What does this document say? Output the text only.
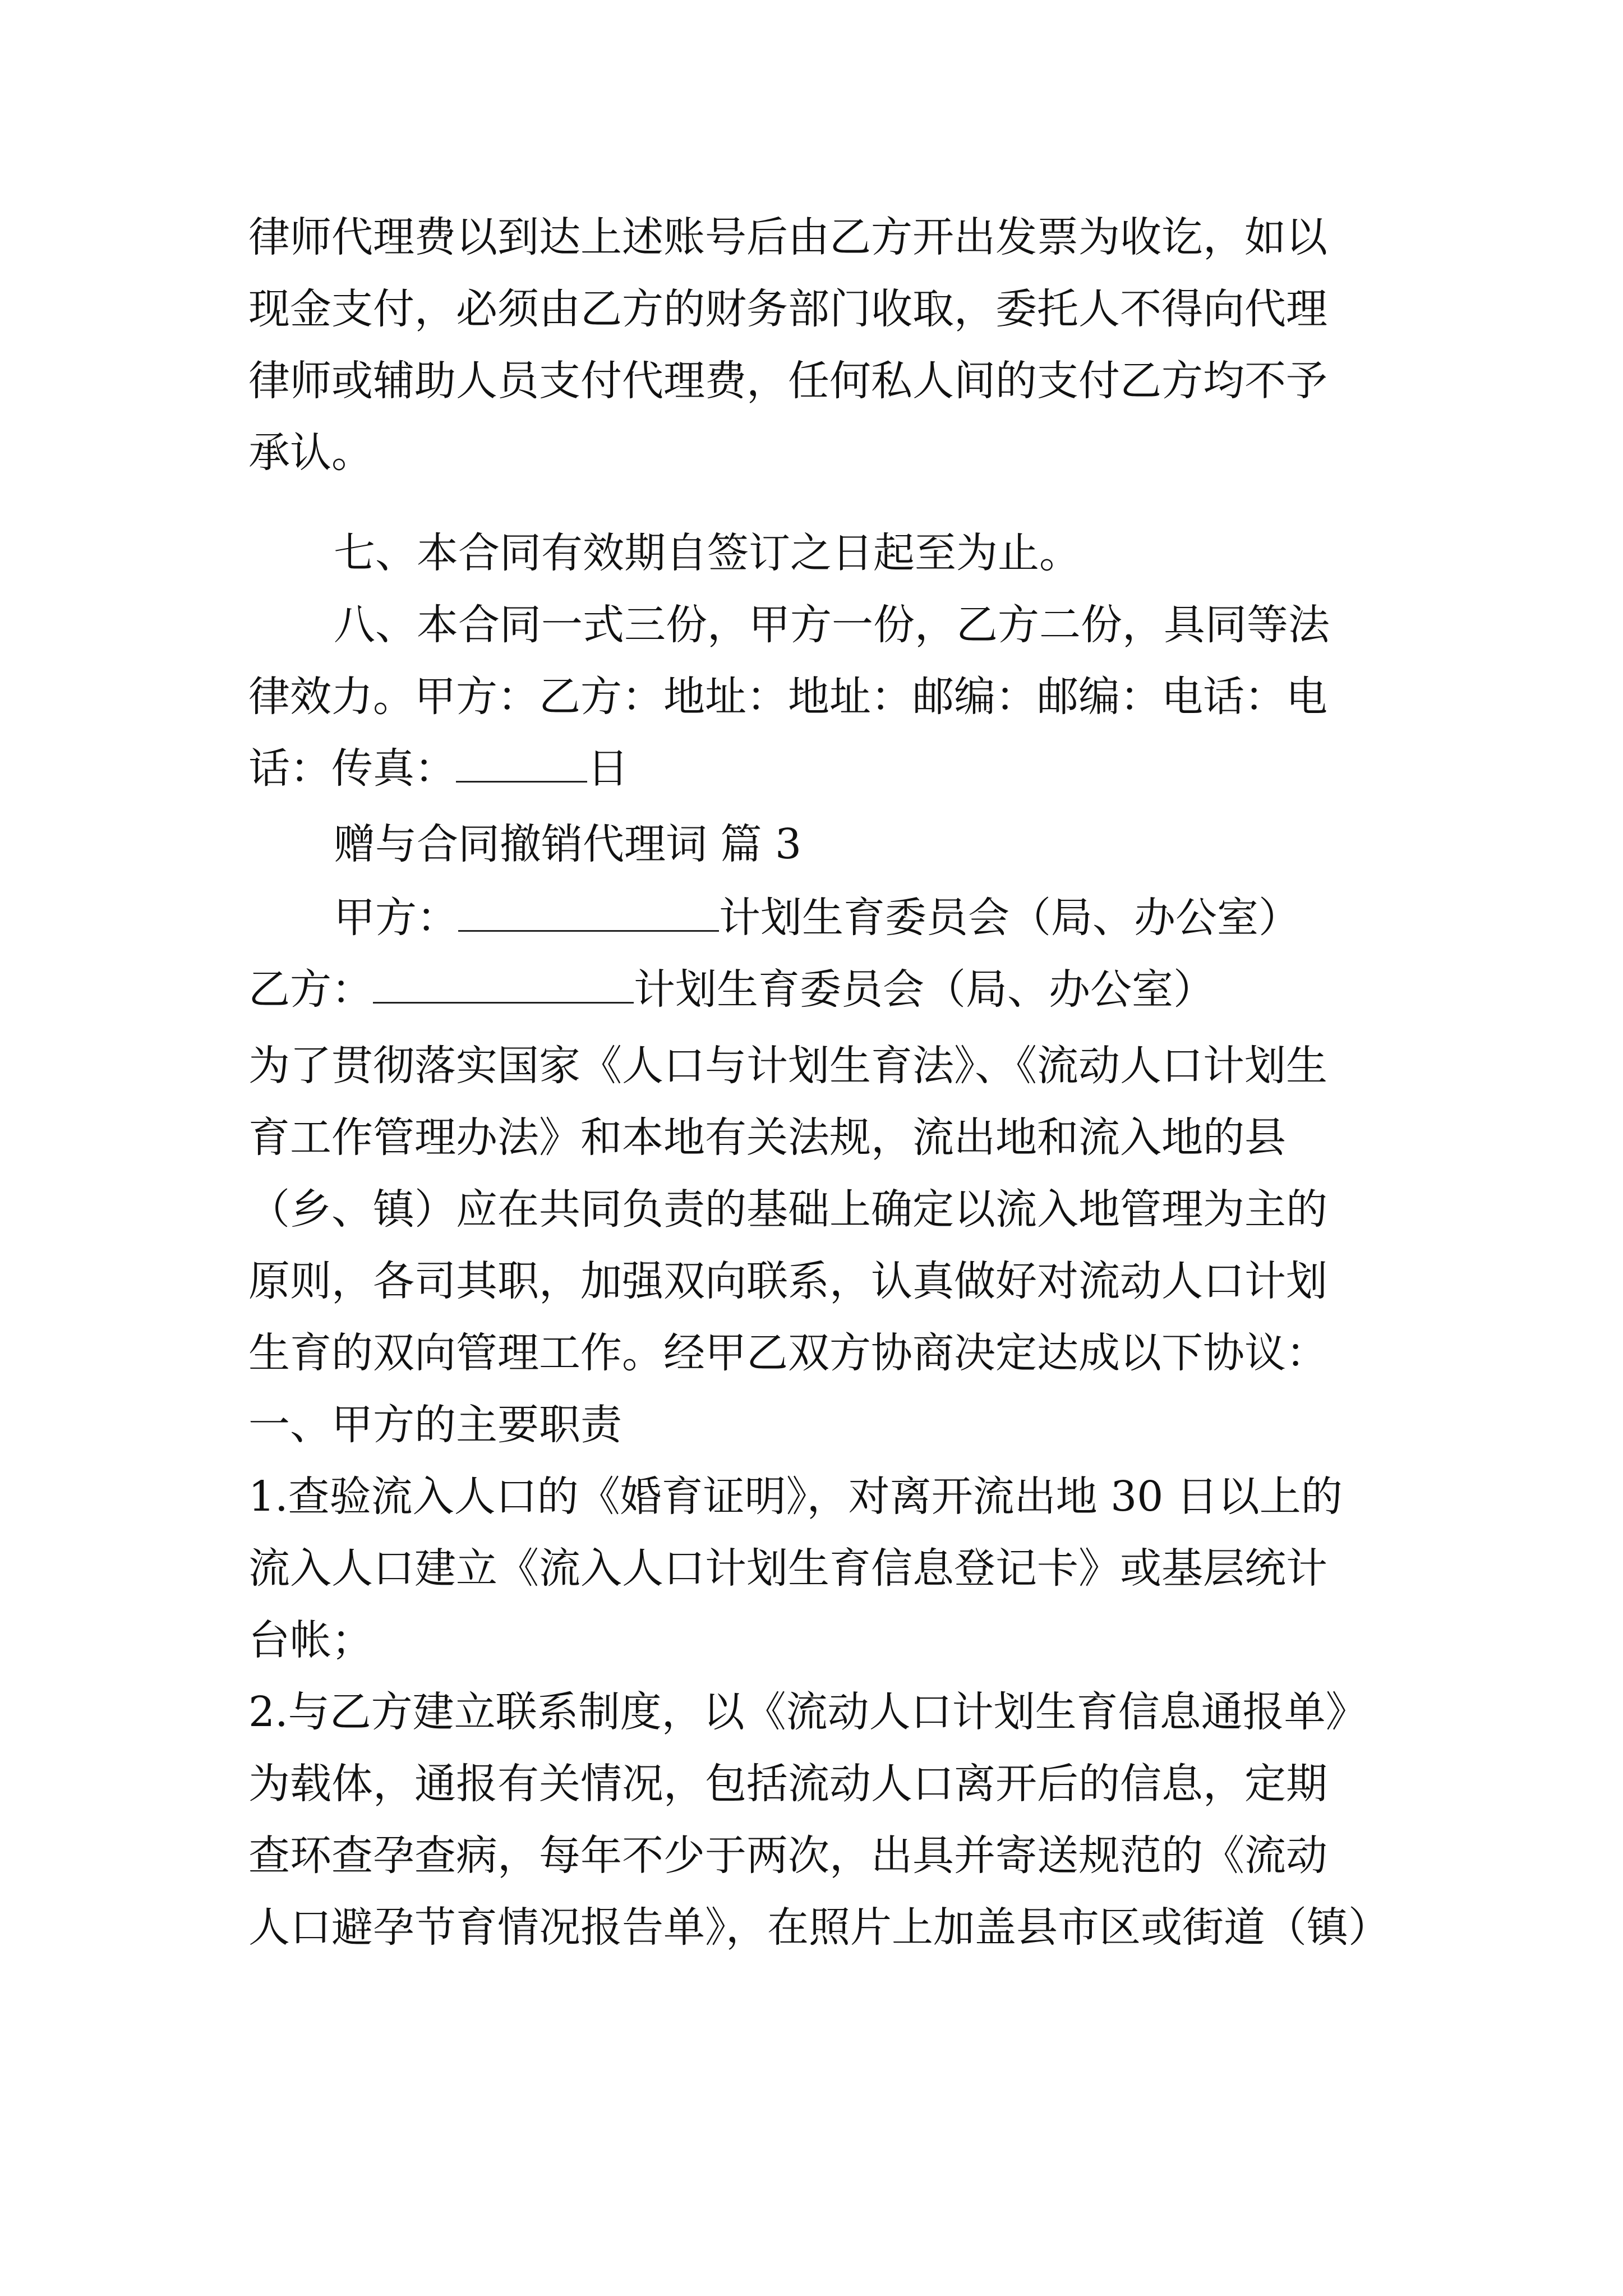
律师代理费以到达上述账号后由乙方开出发票为收讫，如以
现金支付，必须由乙方的财务部门收取，委托人不得向代理
律师或辅助人员支付代理费，任何私人间的支付乙方均不予
承认。
七、本合同有效期自签订之日起至为止。
八、本合同一式三份，甲方一份，乙方二份，具同等法
律效力。甲方：乙方：地址：地址：邮编：邮编：电话：电
话：传真：	日
赠与合同撤销代理词 篇 3
甲方：	计划生育委员会（局、办公室）
乙方：	计划生育委员会（局、办公室）
为了贯彻落实国家《人口与计划生育法》、《流动人口计划生
育工作管理办法》和本地有关法规，流出地和流入地的县
（乡、镇）应在共同负责的基础上确定以流入地管理为主的
原则，各司其职，加强双向联系，认真做好对流动人口计划
生育的双向管理工作。经甲乙双方协商决定达成以下协议：
一、甲方的主要职责
1.查验流入人口的《婚育证明》，对离开流出地 30 日以上的
流入人口建立《流入人口计划生育信息登记卡》或基层统计
台帐；
2.与乙方建立联系制度，以《流动人口计划生育信息通报单》
为载体，通报有关情况，包括流动人口离开后的信息，定期
查环查孕查病，每年不少于两次，出具并寄送规范的《流动
人口避孕节育情况报告单》，在照片上加盖县市区或街道（镇）
